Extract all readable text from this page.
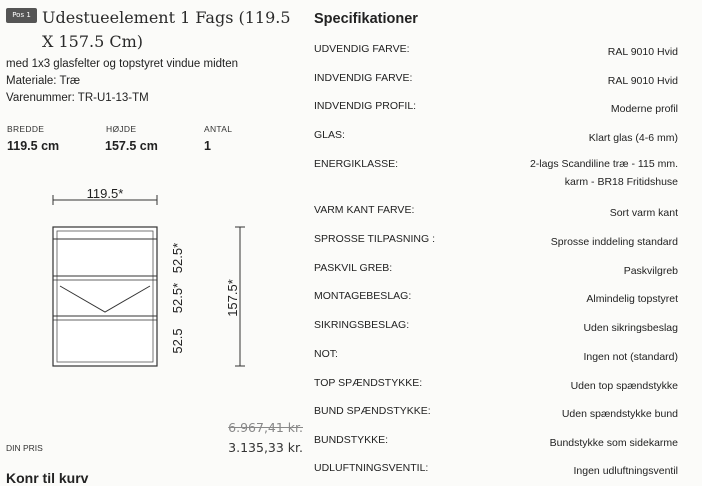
Pos 1 Udestueelement 1 Fags (119.5 X 157.5 Cm)
med 1x3 glasfelter og topstyret vindue midten
Materiale: Træ
Varenummer: TR-U1-13-TM
BREDDE	HØJDE	ANTAL
119.5 cm	157.5 cm	1
119.5*
52.5*
52.5*
52.5
157.5*
6.967,41 kr.
DIN PRIS	3.135,33 kr.
Konr til kurv
Specifikationer
UDVENDIG FARVE:	RAL 9010 Hvid
INDVENDIG FARVE:	RAL 9010 Hvid
INDVENDIG PROFIL:	Moderne profil
GLAS:	Klart glas (4-6 mm)
ENERGIKLASSE:	2-lags Scandiline træ - 115 mm.
karm - BR18 Fritidshuse
VARM KANT FARVE:	Sort varm kant
SPROSSE TILPASNING :	Sprosse inddeling standard
PASKVIL GREB:	Paskvilgreb
MONTAGEBESLAG:	Almindelig topstyret
SIKRINGSBESLAG:	Uden sikringsbeslag
NOT:	Ingen not (standard)
TOP SPÆNDSTYKKE:	Uden top spændstykke
BUND SPÆNDSTYKKE:	Uden spændstykke bund
BUNDSTYKKE:	Bundstykke som sidekarme
UDLUFTNINGSVENTIL:	Ingen udluftningsventil
